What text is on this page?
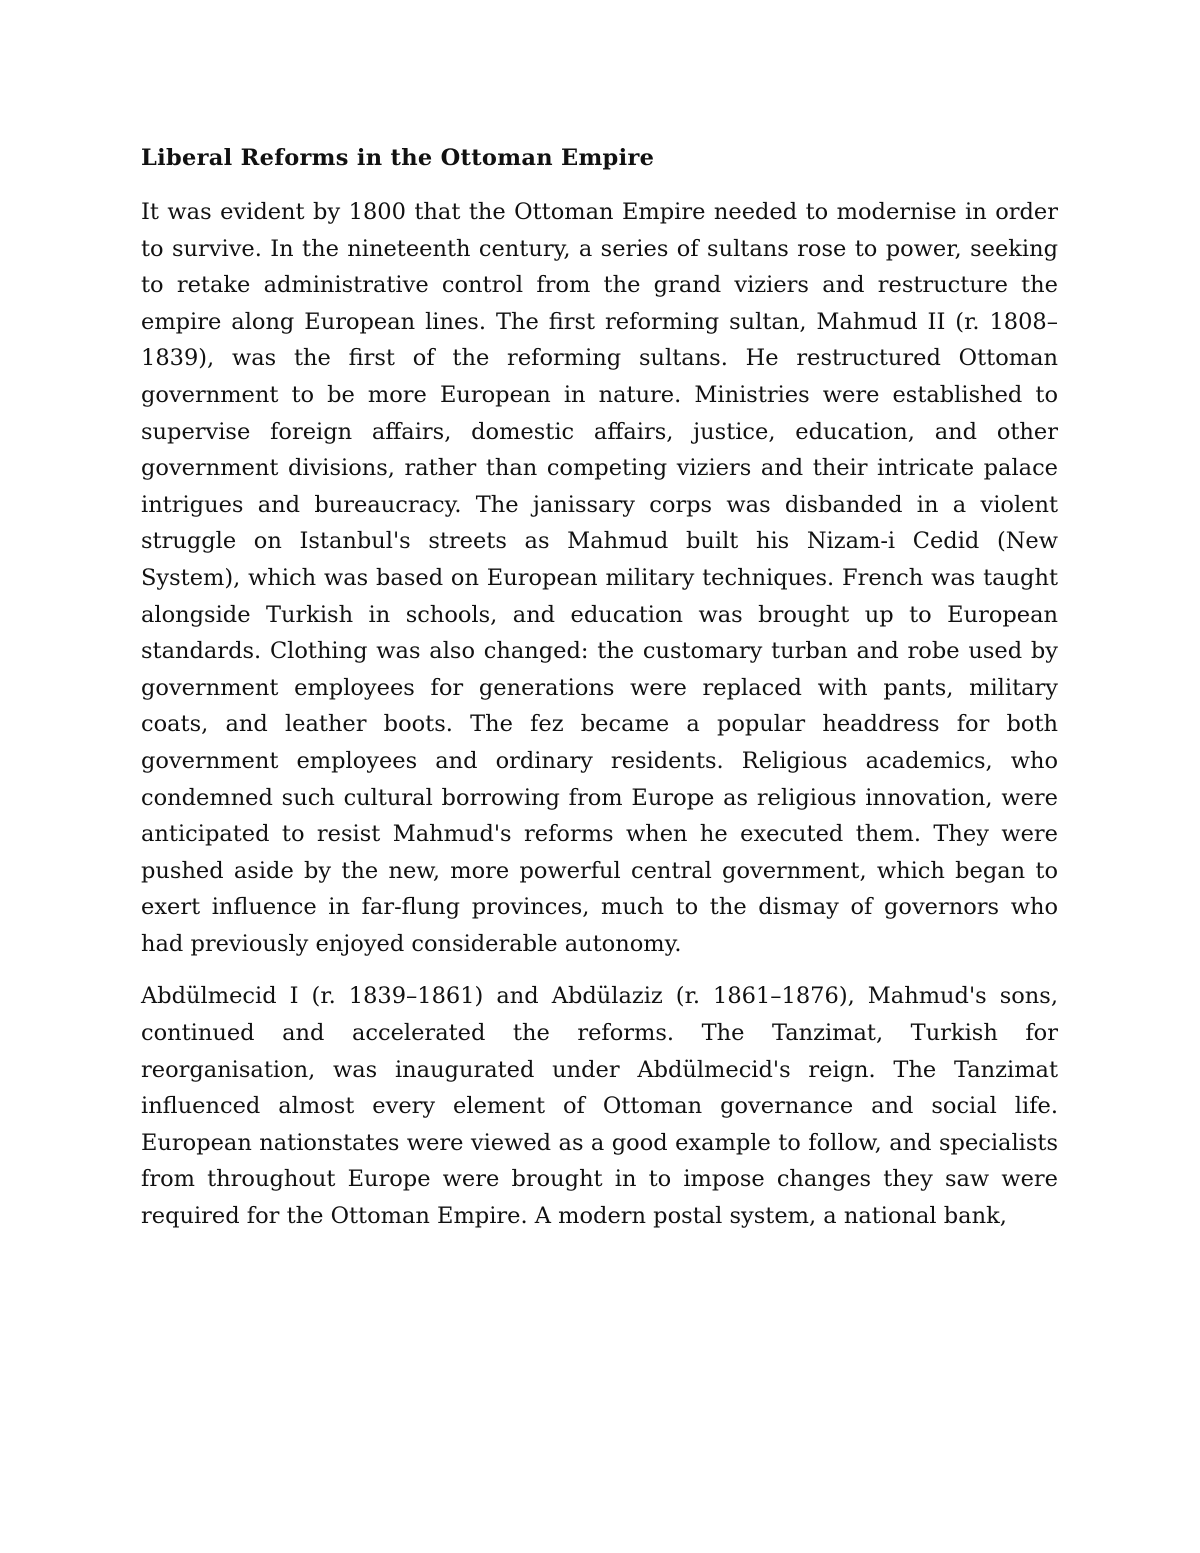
Liberal Reforms in the Ottoman Empire

It was evident by 1800 that the Ottoman Empire needed to modernise in order to survive. In the nineteenth century, a series of sultans rose to power, seeking to retake administrative control from the grand viziers and restructure the empire along European lines. The first reforming sultan, Mahmud II (r. 1808–1839), was the first of the reforming sultans. He restructured Ottoman government to be more European in nature. Ministries were established to supervise foreign affairs, domestic affairs, justice, education, and other government divisions, rather than competing viziers and their intricate palace intrigues and bureaucracy. The janissary corps was disbanded in a violent struggle on Istanbul's streets as Mahmud built his Nizam-i Cedid (New System), which was based on European military techniques. French was taught alongside Turkish in schools, and education was brought up to European standards. Clothing was also changed: the customary turban and robe used by government employees for generations were replaced with pants, military coats, and leather boots. The fez became a popular headdress for both government employees and ordinary residents. Religious academics, who condemned such cultural borrowing from Europe as religious innovation, were anticipated to resist Mahmud's reforms when he executed them. They were pushed aside by the new, more powerful central government, which began to exert influence in far-flung provinces, much to the dismay of governors who had previously enjoyed considerable autonomy.

Abdülmecid I (r. 1839–1861) and Abdülaziz (r. 1861–1876), Mahmud's sons, continued and accelerated the reforms. The Tanzimat, Turkish for reorganisation, was inaugurated under Abdülmecid's reign. The Tanzimat influenced almost every element of Ottoman governance and social life. European nationstates were viewed as a good example to follow, and specialists from throughout Europe were brought in to impose changes they saw were required for the Ottoman Empire. A modern postal system, a national bank,
